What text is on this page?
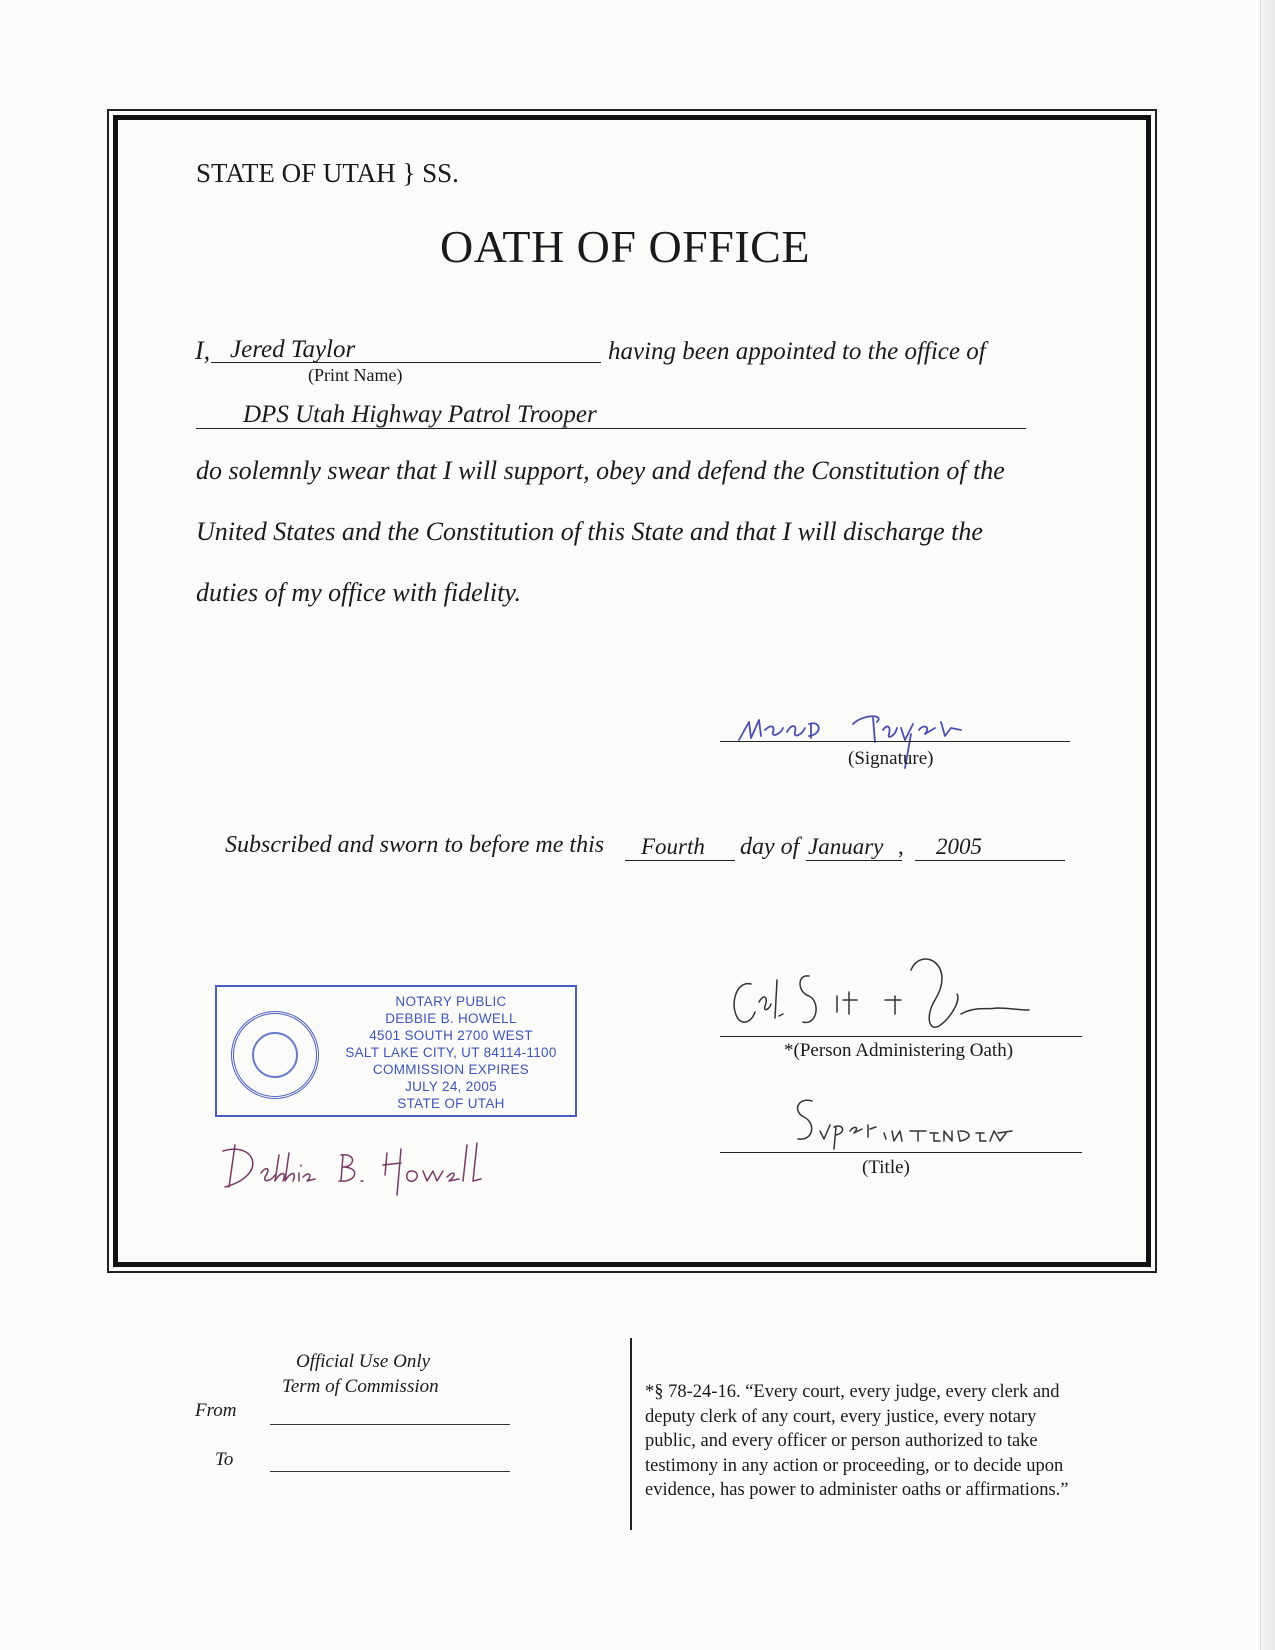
STATE OF UTAH } SS.
OATH OF OFFICE
I, Jered Taylor	having been appointed to the office of
(Print Name)
DPS Utah Highway Patrol Trooper
do solemnly swear that I will support, obey and defend the Constitution of the
United States and the Constitution of this State and that I will discharge the
duties of my office with fidelity.
(Signature)
Subscribed and sworn to before me this Fourth day of January , 2005
*(Person Administering Oath)
(Title)
NOTARY PUBLIC
DEBBIE B. HOWELL
4501 SOUTH 2700 WEST
SALT LAKE CITY, UT 84114-1100
COMMISSION EXPIRES
JULY 24, 2005
STATE OF UTAH
Official Use Only
Term of Commission
From
To
*§ 78-24-16. “Every court, every judge, every clerk and
deputy clerk of any court, every justice, every notary
public, and every officer or person authorized to take
testimony in any action or proceeding, or to decide upon
evidence, has power to administer oaths or affirmations.”
